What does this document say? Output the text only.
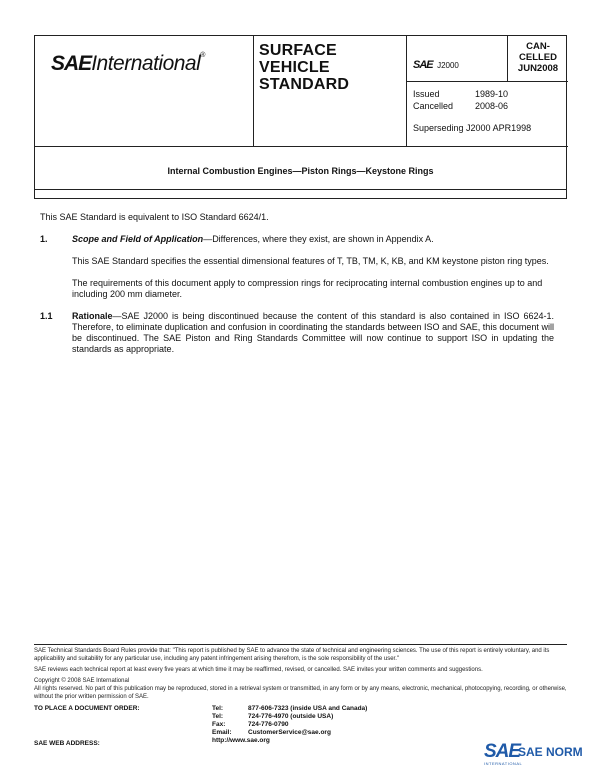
SAEInternational®	SURFACE
VEHICLE
STANDARD
SAE J2000
CAN-
CELLED
JUN2008
Issued	1989-10
Cancelled	2008-06
Superseding J2000 APR1998
Internal Combustion Engines—Piston Rings—Keystone Rings

This SAE Standard is equivalent to ISO Standard 6624/1.

1.	Scope and Field of Application—Differences, where they exist, are shown in Appendix A.

This SAE Standard specifies the essential dimensional features of T, TB, TM, K, KB, and KM keystone piston ring types.

The requirements of this document apply to compression rings for reciprocating internal combustion engines up to and including 200 mm diameter.

1.1	Rationale—SAE J2000 is being discontinued because the content of this standard is also contained in ISO 6624-1. Therefore, to eliminate duplication and confusion in coordinating the standards between ISO and SAE, this document will be discontinued. The SAE Piston and Ring Standards Committee will now continue to support ISO in updating the standards as appropriate.
SAE Technical Standards Board Rules provide that: "This report is published by SAE to advance the state of technical and engineering sciences. The use of this report is entirely voluntary, and its applicability and suitability for any particular use, including any patent infringement arising therefrom, is the sole responsibility of the user."
SAE reviews each technical report at least every five years at which time it may be reaffirmed, revised, or cancelled. SAE invites your written comments and suggestions.
Copyright © 2008 SAE International
All rights reserved. No part of this publication may be reproduced, stored in a retrieval system or transmitted, in any form or by any means, electronic, mechanical, photocopying, recording, or otherwise, without the prior written permission of SAE.
TO PLACE A DOCUMENT ORDER:
SAE WEB ADDRESS:
Tel:	877-606-7323 (inside USA and Canada)
Tel:	724-776-4970 (outside USA)
Fax:	724-776-0790
Email:	CustomerService@sae.org
http://www.sae.org
SAE
SAE NORM
INTERNATIONAL
